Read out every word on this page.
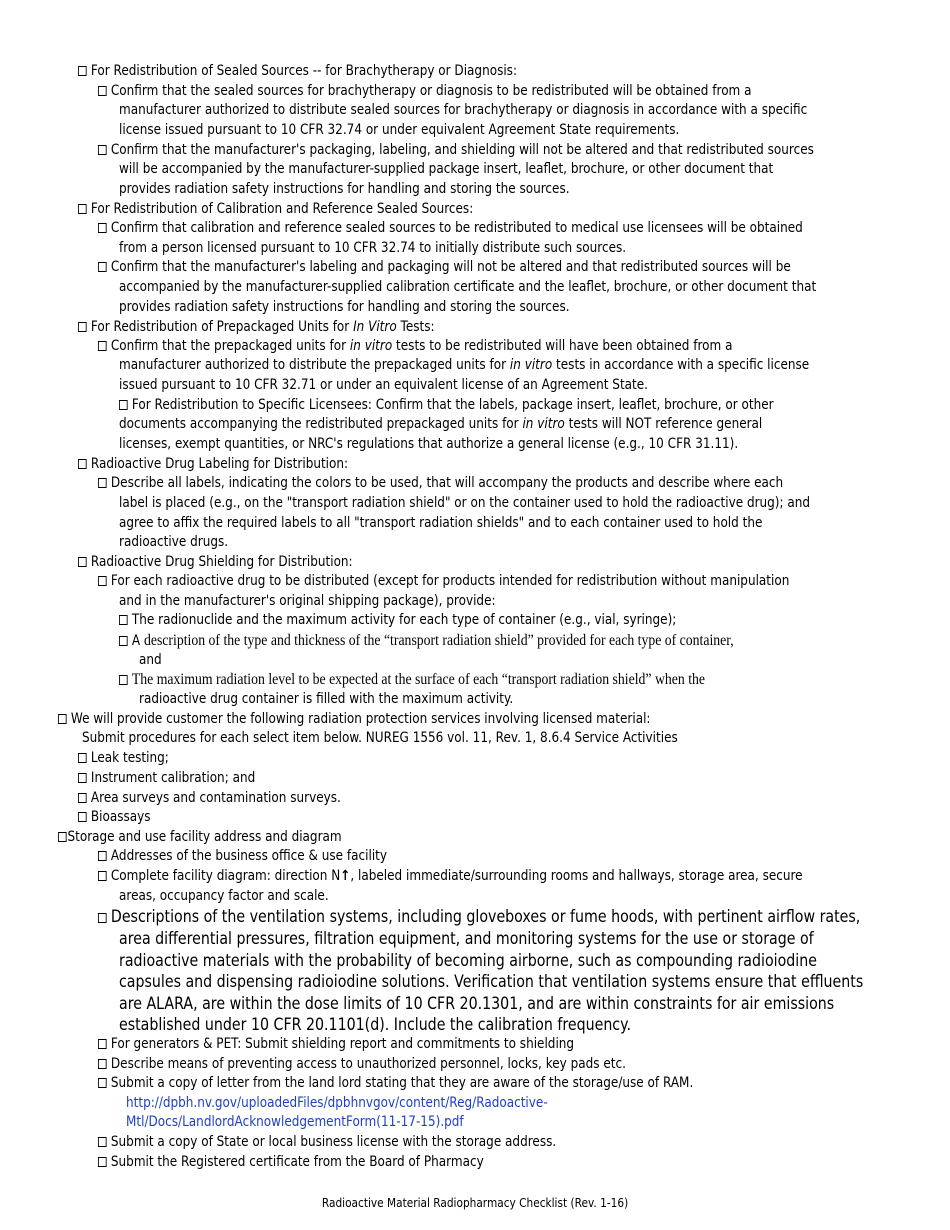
For Redistribution of Sealed Sources -- for Brachytherapy or Diagnosis:
Confirm that the sealed sources for brachytherapy or diagnosis to be redistributed will be obtained from a
manufacturer authorized to distribute sealed sources for brachytherapy or diagnosis in accordance with a specific
license issued pursuant to 10 CFR 32.74 or under equivalent Agreement State requirements.
Confirm that the manufacturer's packaging, labeling, and shielding will not be altered and that redistributed sources
will be accompanied by the manufacturer-supplied package insert, leaflet, brochure, or other document that
provides radiation safety instructions for handling and storing the sources.
For Redistribution of Calibration and Reference Sealed Sources:
Confirm that calibration and reference sealed sources to be redistributed to medical use licensees will be obtained
from a person licensed pursuant to 10 CFR 32.74 to initially distribute such sources.
Confirm that the manufacturer's labeling and packaging will not be altered and that redistributed sources will be
accompanied by the manufacturer-supplied calibration certificate and the leaflet, brochure, or other document that
provides radiation safety instructions for handling and storing the sources.
For Redistribution of Prepackaged Units for In Vitro Tests:
Confirm that the prepackaged units for in vitro tests to be redistributed will have been obtained from a
manufacturer authorized to distribute the prepackaged units for in vitro tests in accordance with a specific license
issued pursuant to 10 CFR 32.71 or under an equivalent license of an Agreement State.
For Redistribution to Specific Licensees: Confirm that the labels, package insert, leaflet, brochure, or other
documents accompanying the redistributed prepackaged units for in vitro tests will NOT reference general
licenses, exempt quantities, or NRC's regulations that authorize a general license (e.g., 10 CFR 31.11).
Radioactive Drug Labeling for Distribution:
Describe all labels, indicating the colors to be used, that will accompany the products and describe where each
label is placed (e.g., on the "transport radiation shield" or on the container used to hold the radioactive drug); and
agree to affix the required labels to all "transport radiation shields" and to each container used to hold the
radioactive drugs.
Radioactive Drug Shielding for Distribution:
For each radioactive drug to be distributed (except for products intended for redistribution without manipulation
and in the manufacturer's original shipping package), provide:
The radionuclide and the maximum activity for each type of container (e.g., vial, syringe);
A description of the type and thickness of the “transport radiation shield” provided for each type of container,
and
The maximum radiation level to be expected at the surface of each “transport radiation shield” when the
radioactive drug container is filled with the maximum activity.
We will provide customer the following radiation protection services involving licensed material:
Submit procedures for each select item below. NUREG 1556 vol. 11, Rev. 1, 8.6.4 Service Activities
Leak testing;
Instrument calibration; and
Area surveys and contamination surveys.
Bioassays
Storage and use facility address and diagram
Addresses of the business office & use facility
Complete facility diagram: direction N↑, labeled immediate/surrounding rooms and hallways, storage area, secure
areas, occupancy factor and scale.
Descriptions of the ventilation systems, including gloveboxes or fume hoods, with pertinent airflow rates,
area differential pressures, filtration equipment, and monitoring systems for the use or storage of
radioactive materials with the probability of becoming airborne, such as compounding radioiodine
capsules and dispensing radioiodine solutions. Verification that ventilation systems ensure that effluents
are ALARA, are within the dose limits of 10 CFR 20.1301, and are within constraints for air emissions
established under 10 CFR 20.1101(d). Include the calibration frequency.
For generators & PET: Submit shielding report and commitments to shielding
Describe means of preventing access to unauthorized personnel, locks, key pads etc.
Submit a copy of letter from the land lord stating that they are aware of the storage/use of RAM.
http://dpbh.nv.gov/uploadedFiles/dpbhnvgov/content/Reg/Radoactive-
Mtl/Docs/LandlordAcknowledgementForm(11-17-15).pdf
Submit a copy of State or local business license with the storage address.
Submit the Registered certificate from the Board of Pharmacy
Radioactive Material Radiopharmacy Checklist (Rev. 1-16)
